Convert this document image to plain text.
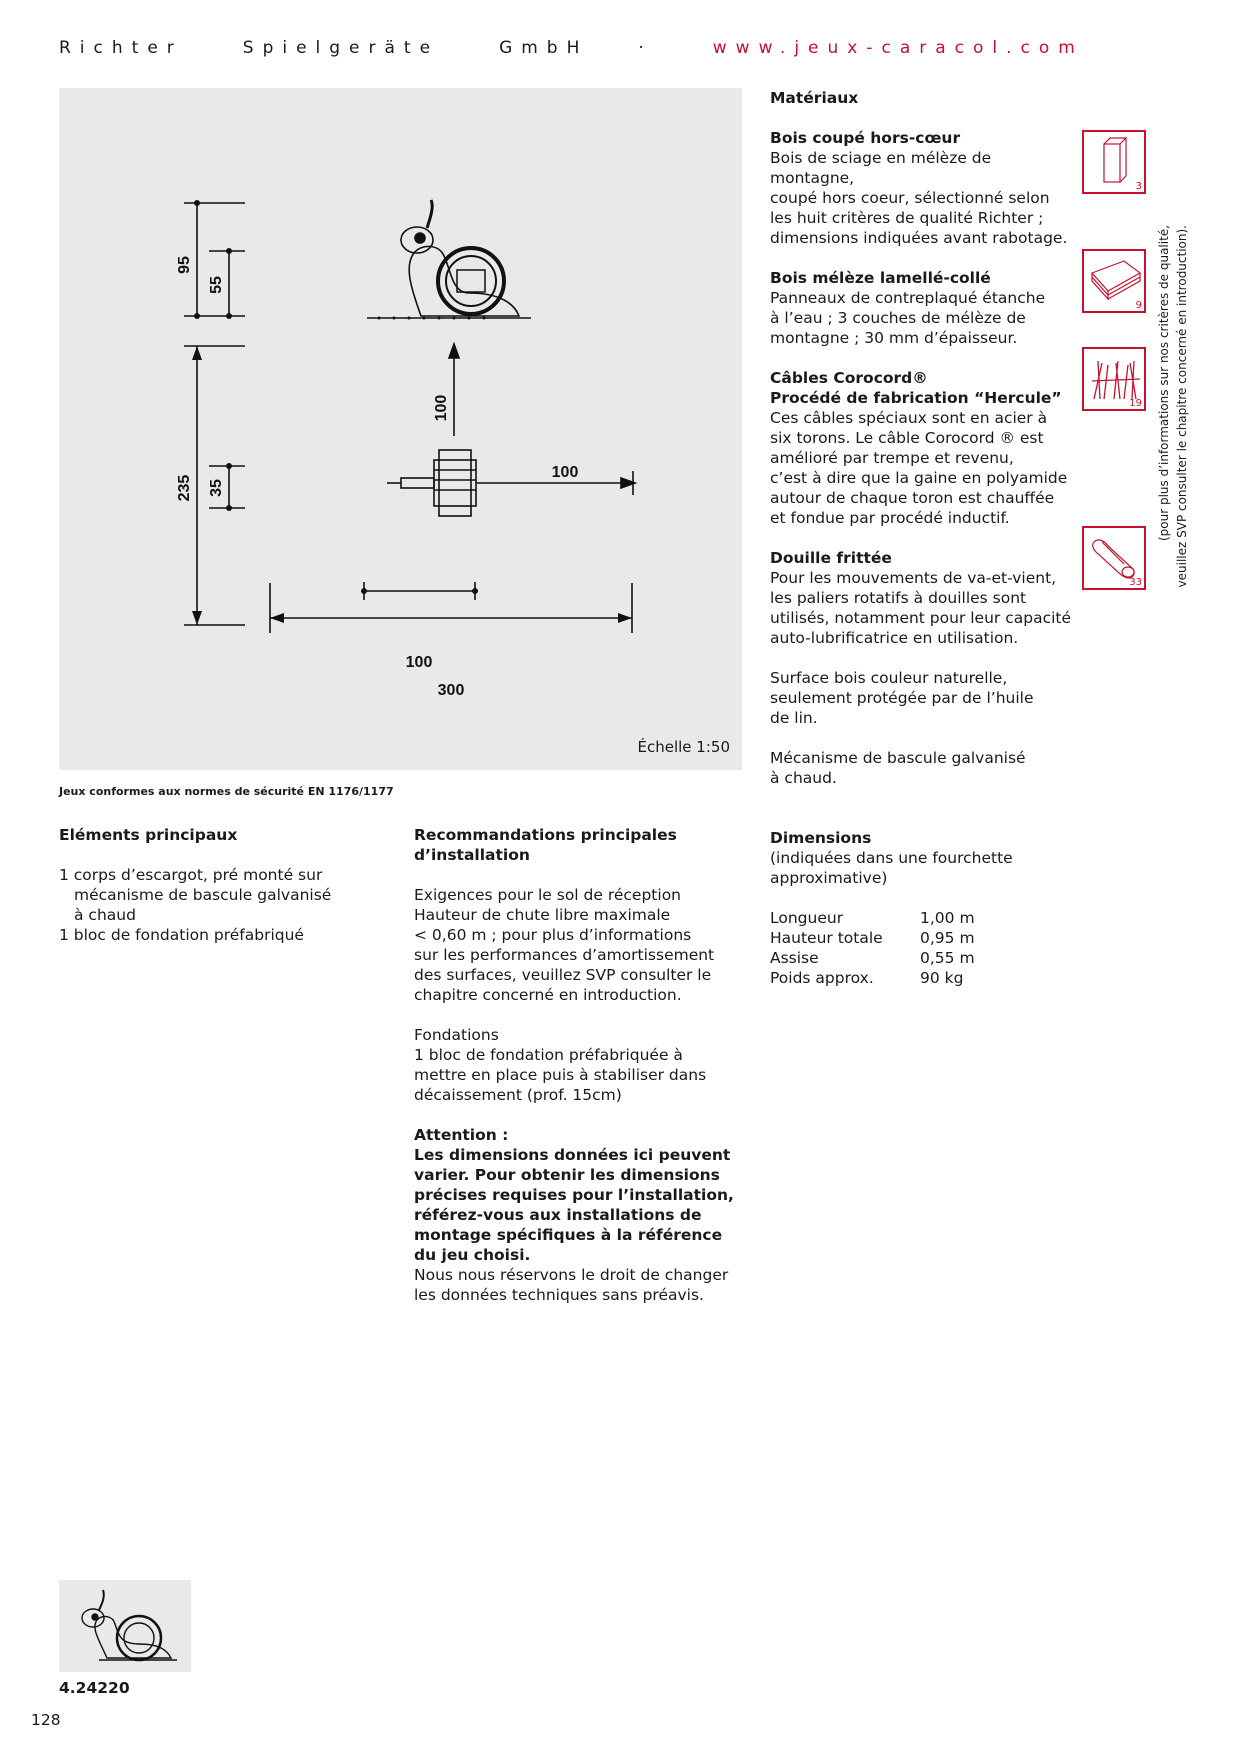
Richter	Spielgeräte	GmbH	·	www.jeux-caracol.com
95
55
235 35
100
100
100
300
Échelle 1:50
Jeux conformes aux normes de sécurité EN 1176/1177
Eléments principaux
1 corps d’escargot, pré monté sur
mécanisme de bascule galvanisé
à chaud
1 bloc de fondation préfabriqué
Recommandations principales
d’installation
Exigences pour le sol de réception
Hauteur de chute libre maximale
< 0,60 m ; pour plus d’informations
sur les performances d’amortissement
des surfaces, veuillez SVP consulter le
chapitre concerné en introduction.
Fondations
1 bloc de fondation préfabriquée à
mettre en place puis à stabiliser dans
décaissement (prof. 15cm)
Attention :
Les dimensions données ici peuvent
varier. Pour obtenir les dimensions
précises requises pour l’installation,
référez-vous aux installations de
montage spécifiques à la référence
du jeu choisi.
Nous nous réservons le droit de changer
les données techniques sans préavis.
Matériaux
Bois coupé hors-cœur
Bois de sciage en mélèze de montagne,
coupé hors coeur, sélectionné selon
les huit critères de qualité Richter ;
dimensions indiquées avant rabotage.
Bois mélèze lamellé-collé
Panneaux de contreplaqué étanche
à l’eau ; 3 couches de mélèze de
montagne ; 30 mm d’épaisseur.
Câbles Corocord®
Procédé de fabrication “Hercule”
Ces câbles spéciaux sont en acier à
six torons. Le câble Corocord ® est
amélioré par trempe et revenu,
c’est à dire que la gaine en polyamide
autour de chaque toron est chauffée
et fondue par procédé inductif.
Douille frittée
Pour les mouvements de va-et-vient,
les paliers rotatifs à douilles sont
utilisés, notamment pour leur capacité
auto-lubrificatrice en utilisation.
Surface bois couleur naturelle,
seulement protégée par de l’huile
de lin.
Mécanisme de bascule galvanisé
à chaud.
Dimensions
(indiquées dans une fourchette
approximative)
Longueur	1,00 m
Hauteur totale	0,95 m
Assise	0,55 m
Poids approx.	90 kg
3
9
19
33
(pour plus d’informations sur nos critères de qualité, veuillez SVP consulter le chapitre concerné en introduction).
4.24220
128
